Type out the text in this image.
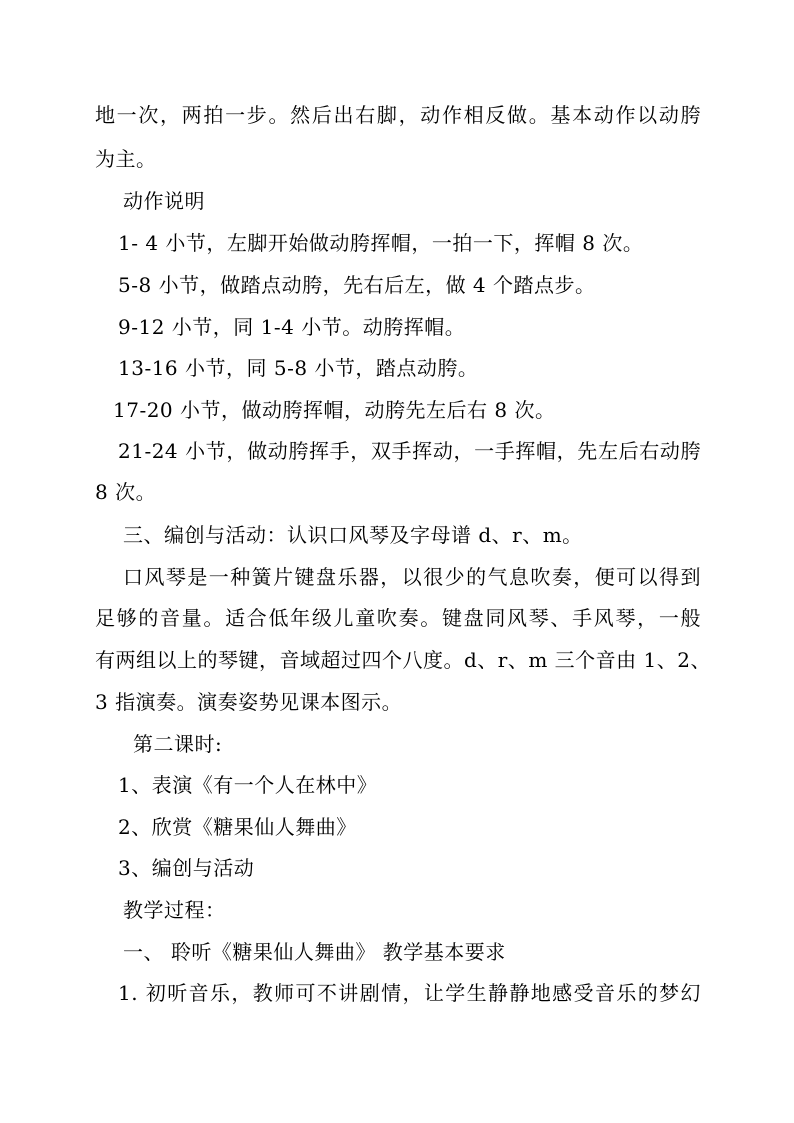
地一次，两拍一步。然后出右脚，动作相反做。基本动作以动胯
为主。
动作说明
1- 4 小节，左脚开始做动胯挥帽，一拍一下，挥帽 8 次。
5-8 小节，做踏点动胯，先右后左，做 4 个踏点步。
9-12 小节，同 1-4 小节。动胯挥帽。
13-16 小节，同 5-8 小节，踏点动胯。
17-20 小节，做动胯挥帽，动胯先左后右 8 次。
21-24 小节，做动胯挥手，双手挥动，一手挥帽，先左后右动胯
8 次。
三、编创与活动：认识口风琴及字母谱 d、r、m。
口风琴是一种簧片键盘乐器，以很少的气息吹奏，便可以得到
足够的音量。适合低年级儿童吹奏。键盘同风琴、手风琴，一般
有两组以上的琴键，音域超过四个八度。d、r、m 三个音由 1、2、
3 指演奏。演奏姿势见课本图示。
第二课时:
1、表演《有一个人在林中》
2、欣赏《糖果仙人舞曲》
3、编创与活动
教学过程：
一、 聆听《糖果仙人舞曲》 教学基本要求
1. 初听音乐，教师可不讲剧情，让学生静静地感受音乐的梦幻
